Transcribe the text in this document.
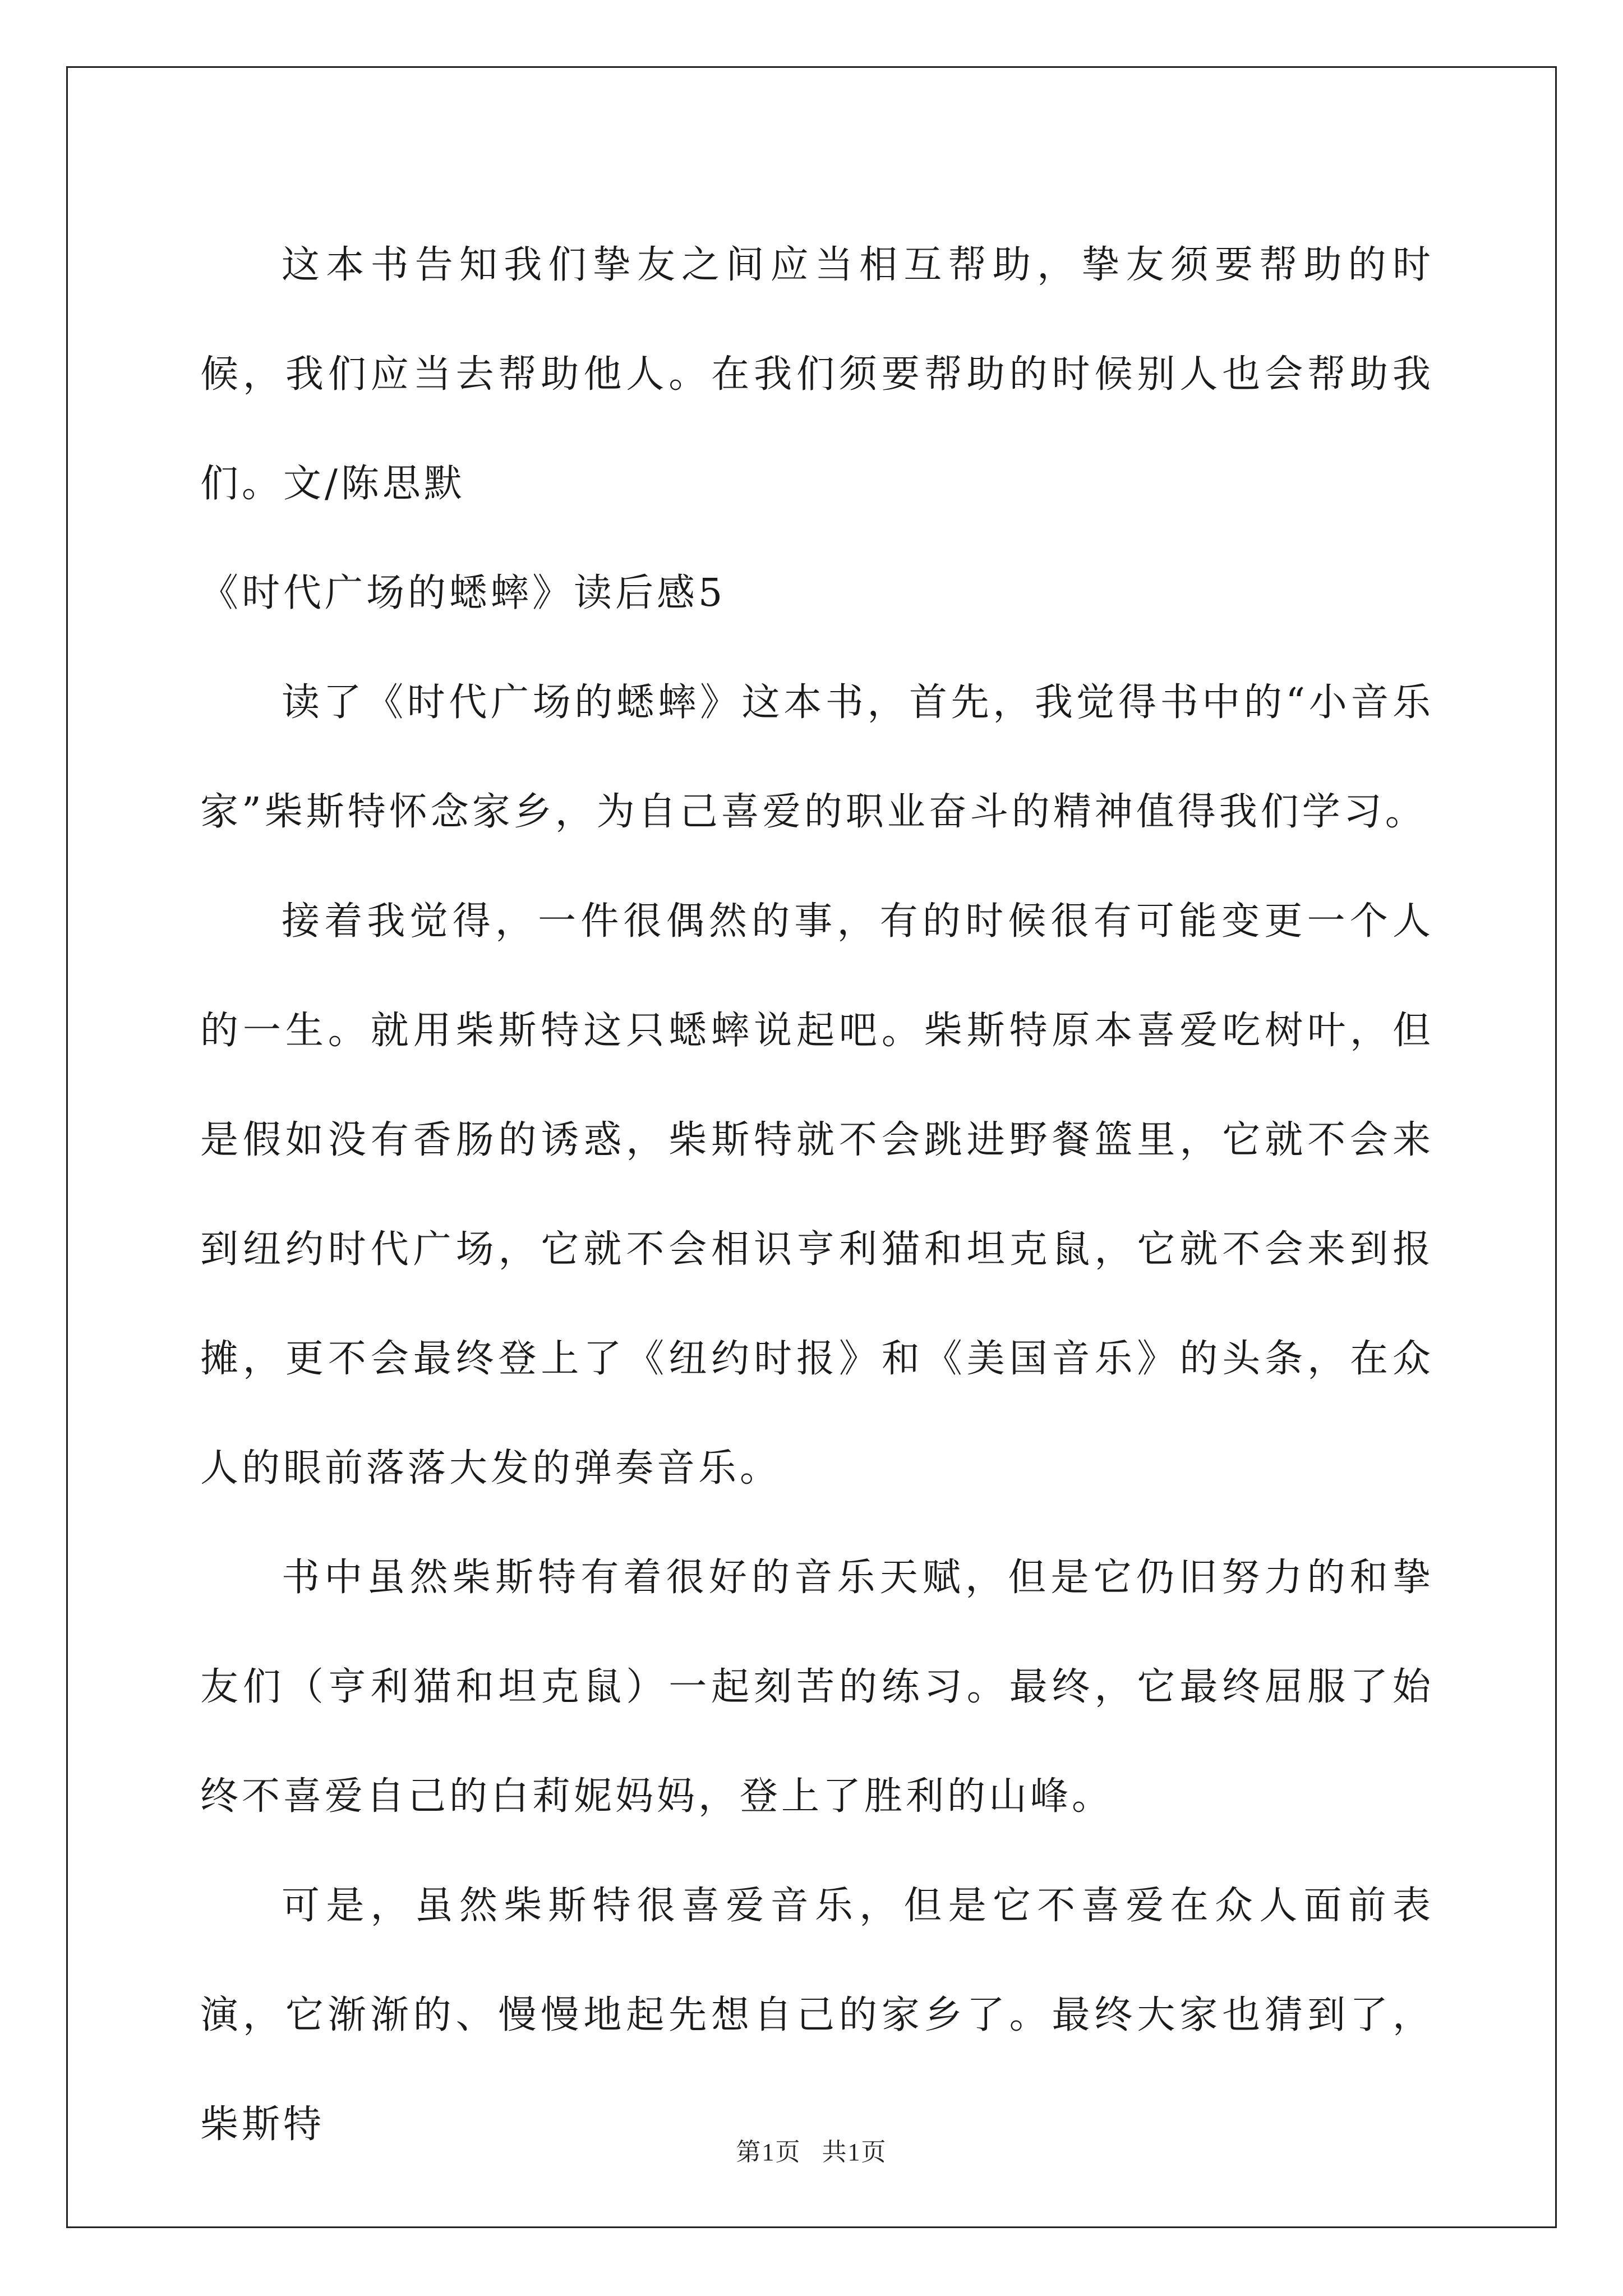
这本书告知我们挚友之间应当相互帮助，挚友须要帮助的时候，我们应当去帮助他人。在我们须要帮助的时候别人也会帮助我们。文/陈思默

《时代广场的蟋蟀》读后感5

读了《时代广场的蟋蟀》这本书，首先，我觉得书中的“小音乐家”柴斯特怀念家乡，为自己喜爱的职业奋斗的精神值得我们学习。

接着我觉得，一件很偶然的事，有的时候很有可能变更一个人的一生。就用柴斯特这只蟋蟀说起吧。柴斯特原本喜爱吃树叶，但是假如没有香肠的诱惑，柴斯特就不会跳进野餐篮里，它就不会来到纽约时代广场，它就不会相识亨利猫和坦克鼠，它就不会来到报摊，更不会最终登上了《纽约时报》和《美国音乐》的头条，在众人的眼前落落大发的弹奏音乐。

书中虽然柴斯特有着很好的音乐天赋，但是它仍旧努力的和挚友们（亨利猫和坦克鼠）一起刻苦的练习。最终，它最终屈服了始终不喜爱自己的白莉妮妈妈，登上了胜利的山峰。

可是，虽然柴斯特很喜爱音乐，但是它不喜爱在众人面前表演，它渐渐的、慢慢地起先想自己的家乡了。最终大家也猜到了，柴斯特

第1页 共1页
